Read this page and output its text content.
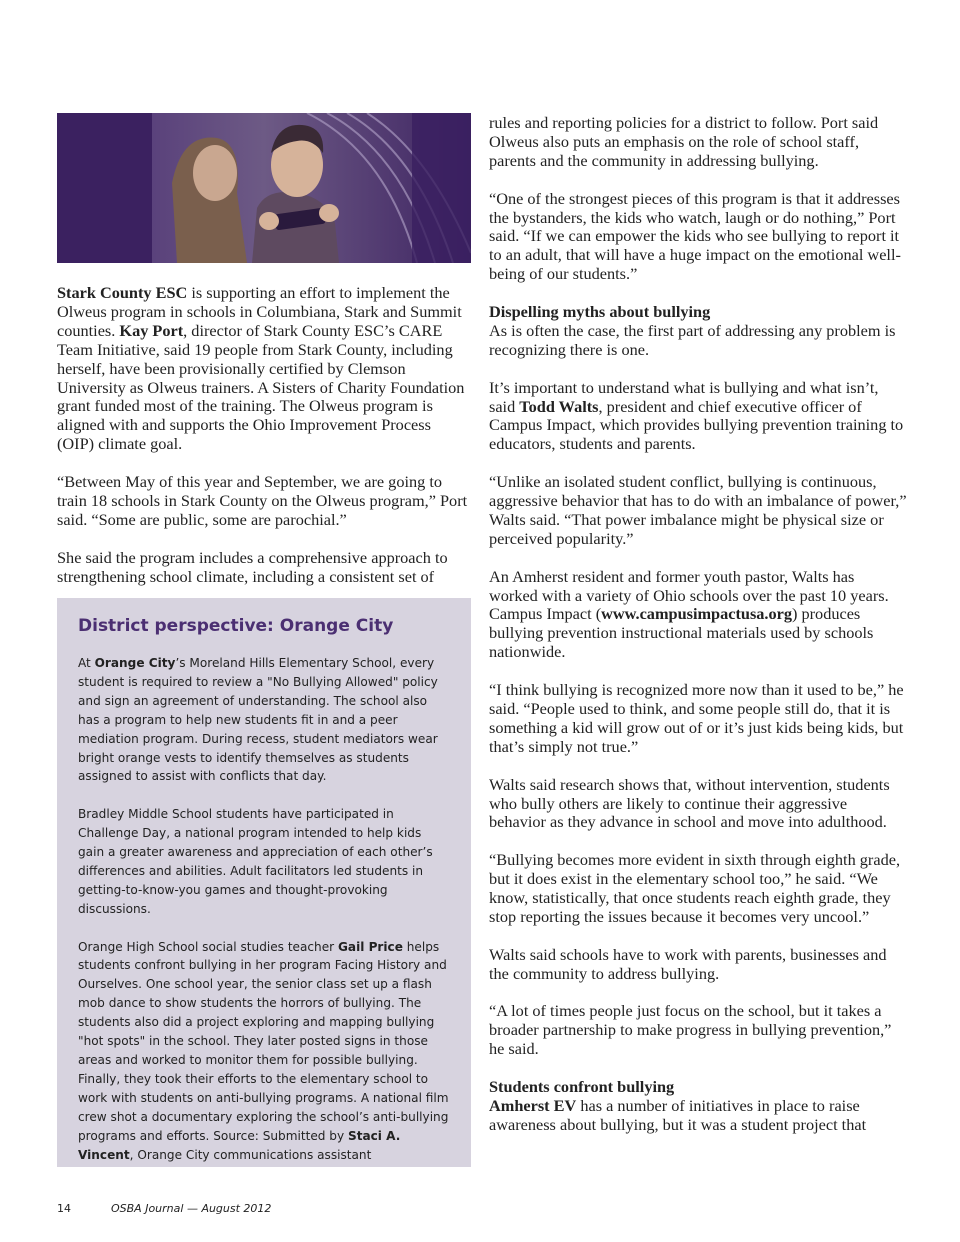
Stark County ESC is supporting an effort to implement the Olweus program in schools in Columbiana, Stark and Summit counties. Kay Port, director of Stark County ESC’s CARE Team Initiative, said 19 people from Stark County, including herself, have been provisionally certified by Clemson University as Olweus trainers. A Sisters of Charity Foundation grant funded most of the training. The Olweus program is aligned with and supports the Ohio Improvement Process (OIP) climate goal.

“Between May of this year and September, we are going to train 18 schools in Stark County on the Olweus program,” Port said. “Some are public, some are parochial.”

She said the program includes a comprehensive approach to strengthening school climate, including a consistent set of

District perspective: Orange City

At Orange City’s Moreland Hills Elementary School, every student is required to review a "No Bullying Allowed" policy and sign an agreement of understanding. The school also has a program to help new students fit in and a peer mediation program. During recess, student mediators wear bright orange vests to identify themselves as students assigned to assist with conflicts that day.

Bradley Middle School students have participated in Challenge Day, a national program intended to help kids gain a greater awareness and appreciation of each other’s differences and abilities. Adult facilitators led students in getting-to-know-you games and thought-provoking discussions.

Orange High School social studies teacher Gail Price helps students confront bullying in her program Facing History and Ourselves. One school year, the senior class set up a flash mob dance to show students the horrors of bullying. The students also did a project exploring and mapping bullying "hot spots" in the school. They later posted signs in those areas and worked to monitor them for possible bullying. Finally, they took their efforts to the elementary school to work with students on anti-bullying programs. A national film crew shot a documentary exploring the school’s anti-bullying programs and efforts. Source: Submitted by Staci A. Vincent, Orange City communications assistant

rules and reporting policies for a district to follow. Port said Olweus also puts an emphasis on the role of school staff, parents and the community in addressing bullying.

“One of the strongest pieces of this program is that it addresses the bystanders, the kids who watch, laugh or do nothing,” Port said. “If we can empower the kids who see bullying to report it to an adult, that will have a huge impact on the emotional well-being of our students.”

Dispelling myths about bullying
As is often the case, the first part of addressing any problem is recognizing there is one.

It’s important to understand what is bullying and what isn’t, said Todd Walts, president and chief executive officer of Campus Impact, which provides bullying prevention training to educators, students and parents.

“Unlike an isolated student conflict, bullying is continuous, aggressive behavior that has to do with an imbalance of power,” Walts said. “That power imbalance might be physical size or perceived popularity.”

An Amherst resident and former youth pastor, Walts has worked with a variety of Ohio schools over the past 10 years. Campus Impact (www.campusimpactusa.org) produces bullying prevention instructional materials used by schools nationwide.

“I think bullying is recognized more now than it used to be,” he said. “People used to think, and some people still do, that it is something a kid will grow out of or it’s just kids being kids, but that’s simply not true.”

Walts said research shows that, without intervention, students who bully others are likely to continue their aggressive behavior as they advance in school and move into adulthood.

“Bullying becomes more evident in sixth through eighth grade, but it does exist in the elementary school too,” he said. “We know, statistically, that once students reach eighth grade, they stop reporting the issues because it becomes very uncool.”

Walts said schools have to work with parents, businesses and the community to address bullying.

“A lot of times people just focus on the school, but it takes a broader partnership to make progress in bullying prevention,” he said.

Students confront bullying
Amherst EV has a number of initiatives in place to raise awareness about bullying, but it was a student project that

14	OSBA Journal — August 2012
